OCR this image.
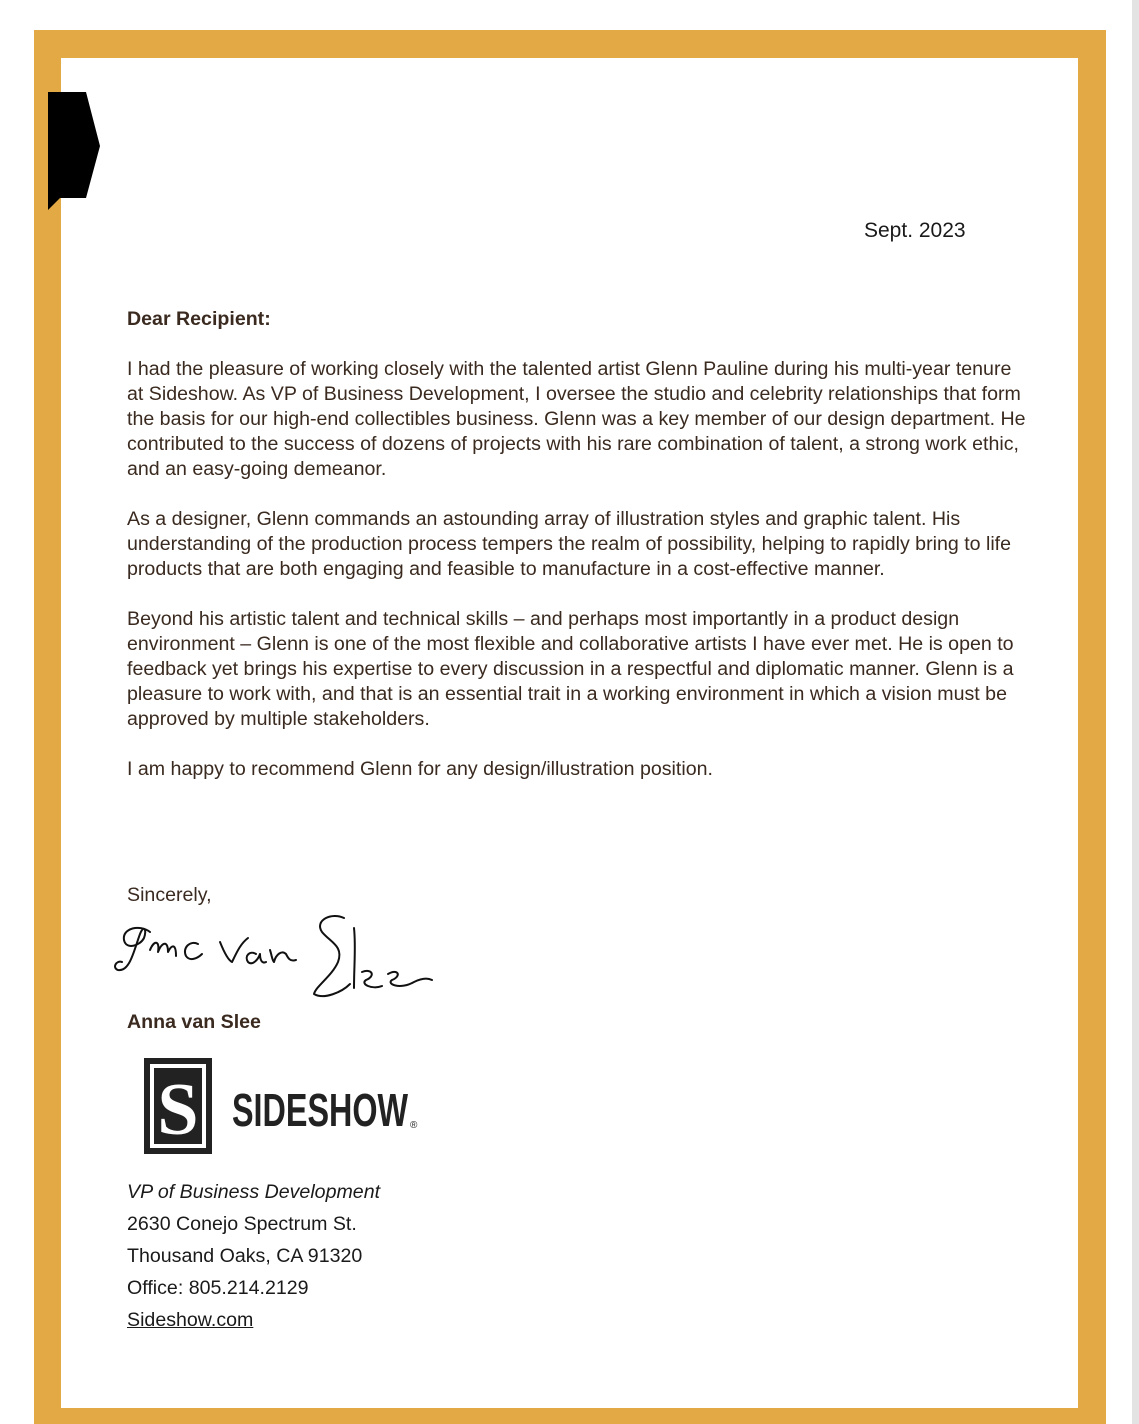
Sept. 2023
Dear Recipient:

I had the pleasure of working closely with the talented artist Glenn Pauline during his multi-year tenure at Sideshow. As VP of Business Development, I oversee the studio and celebrity relationships that form the basis for our high-end collectibles business. Glenn was a key member of our design department. He contributed to the success of dozens of projects with his rare combination of talent, a strong work ethic, and an easy-going demeanor.

As a designer, Glenn commands an astounding array of illustration styles and graphic talent. His understanding of the production process tempers the realm of possibility, helping to rapidly bring to life products that are both engaging and feasible to manufacture in a cost-effective manner.

Beyond his artistic talent and technical skills – and perhaps most importantly in a product design environment – Glenn is one of the most flexible and collaborative artists I have ever met. He is open to feedback yet brings his expertise to every discussion in a respectful and diplomatic manner. Glenn is a pleasure to work with, and that is an essential trait in a working environment in which a vision must be approved by multiple stakeholders.

I am happy to recommend Glenn for any design/illustration position.

Sincerely,
Anna van Slee
S SIDESHOW ®
VP of Business Development
2630 Conejo Spectrum St.
Thousand Oaks, CA 91320
Office: 805.214.2129
Sideshow.com
